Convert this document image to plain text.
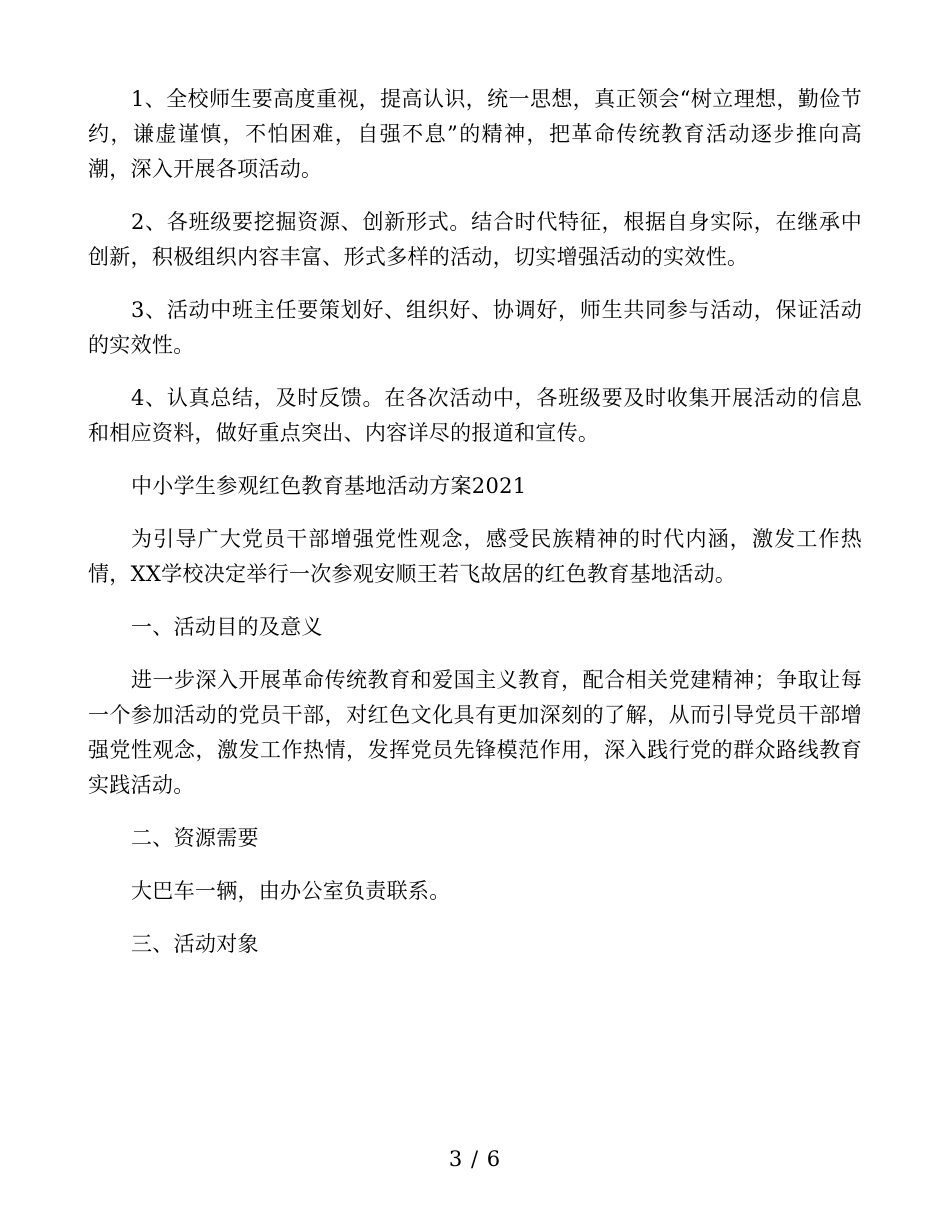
1、全校师生要高度重视，提高认识，统一思想，真正领会“树立理想，勤俭节约，谦虚谨慎，不怕困难，自强不息”的精神，把革命传统教育活动逐步推向高潮，深入开展各项活动。

2、各班级要挖掘资源、创新形式。结合时代特征，根据自身实际，在继承中创新，积极组织内容丰富、形式多样的活动，切实增强活动的实效性。

3、活动中班主任要策划好、组织好、协调好，师生共同参与活动，保证活动的实效性。

4、认真总结，及时反馈。在各次活动中，各班级要及时收集开展活动的信息和相应资料，做好重点突出、内容详尽的报道和宣传。

中小学生参观红色教育基地活动方案2021

为引导广大党员干部增强党性观念，感受民族精神的时代内涵，激发工作热情，XX学校决定举行一次参观安顺王若飞故居的红色教育基地活动。

一、活动目的及意义

进一步深入开展革命传统教育和爱国主义教育，配合相关党建精神；争取让每一个参加活动的党员干部，对红色文化具有更加深刻的了解，从而引导党员干部增强党性观念，激发工作热情，发挥党员先锋模范作用，深入践行党的群众路线教育实践活动。

二、资源需要

大巴车一辆，由办公室负责联系。

三、活动对象

3 / 6
